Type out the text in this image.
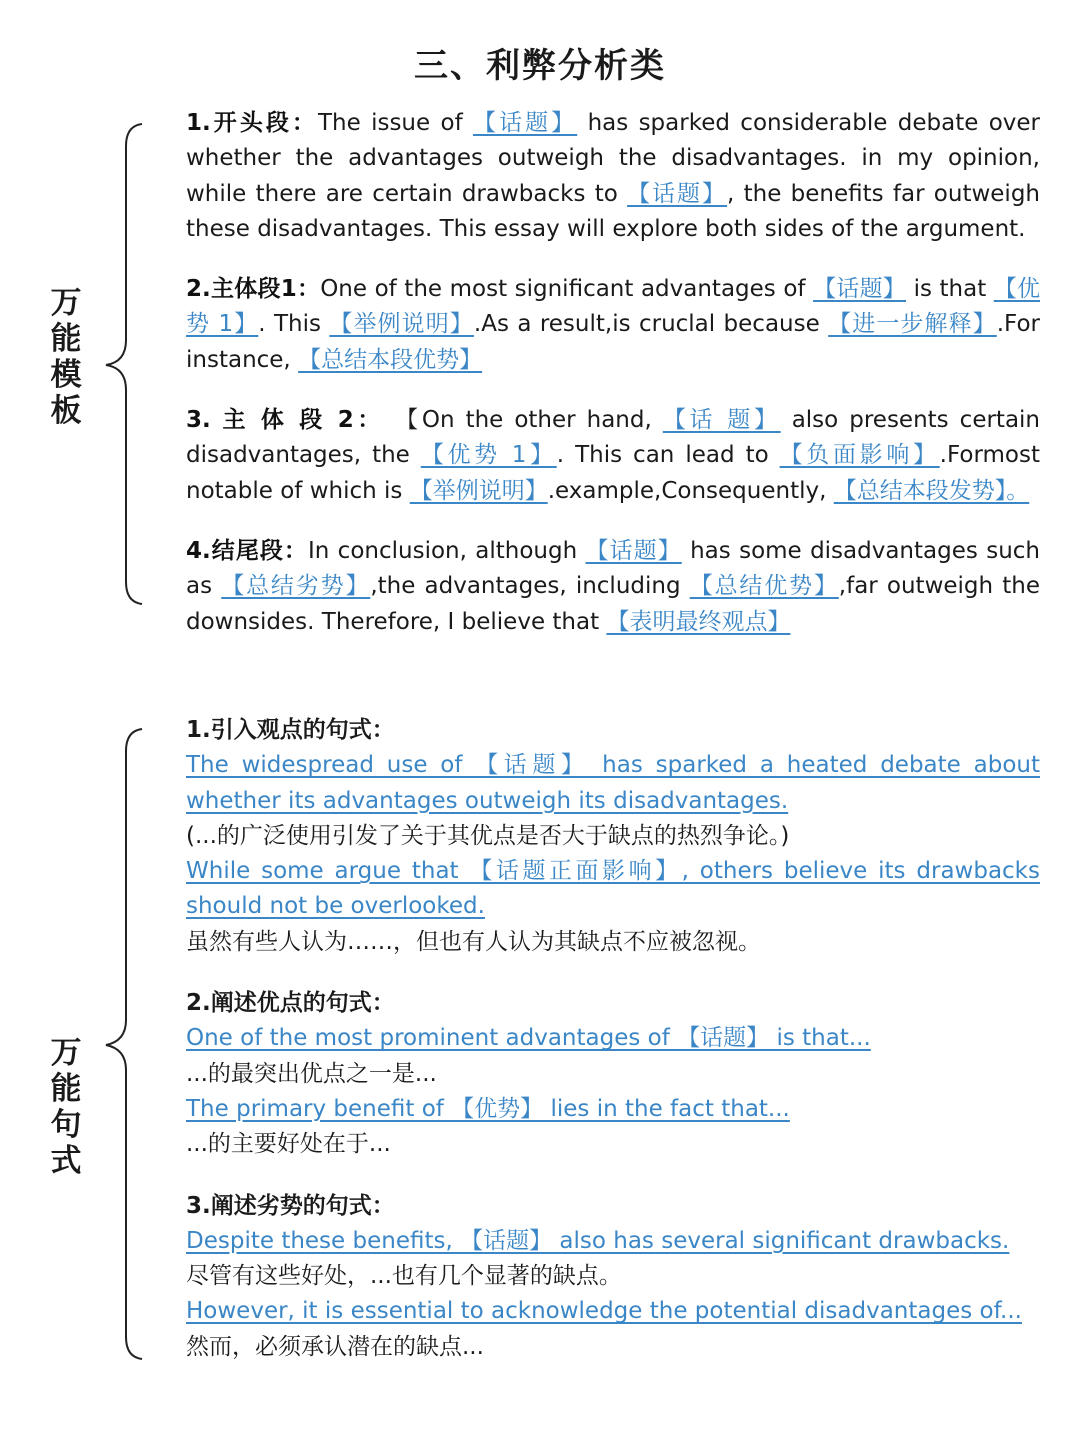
三、利弊分析类
万能模板

1.开头段：The issue of 【话题】 has sparked considerable debate over whether the advantages outweigh the disadvantages. in my opinion, while there are certain drawbacks to 【话题】, the benefits far outweigh these disadvantages. This essay will explore both sides of the argument.

2.主体段1：One of the most significant advantages of 【话题】 is that 【优势 1】. This 【举例说明】.As a result,is cruclal because 【进一步解释】.For instance, 【总结本段优势】

3. 主 体 段 2： 【On the other hand, 【话 题】 also presents certain disadvantages, the 【优势 1】. This can lead to 【负面影响】.Formost notable of which is 【举例说明】.example,Consequently, 【总结本段发势】。

4.结尾段：In conclusion, although 【话题】 has some disadvantages such as 【总结劣势】,the advantages, including 【总结优势】,far outweigh the downsides. Therefore, I believe that 【表明最终观点】

万能句式
1.引入观点的句式：
The widespread use of 【话题】 has sparked a heated debate about whether its advantages outweigh its disadvantages.
(...的广泛使用引发了关于其优点是否大于缺点的热烈争论。)
While some argue that 【话题正面影响】, others believe its drawbacks should not be overlooked.
虽然有些人认为……，但也有人认为其缺点不应被忽视。
2.阐述优点的句式：
One of the most prominent advantages of 【话题】 is that...
...的最突出优点之一是...
The primary benefit of 【优势】 lies in the fact that...
...的主要好处在于...
3.阐述劣势的句式：
Despite these benefits, 【话题】 also has several significant drawbacks.
尽管有这些好处，...也有几个显著的缺点。
However, it is essential to acknowledge the potential disadvantages of...
然而，必须承认潜在的缺点...
